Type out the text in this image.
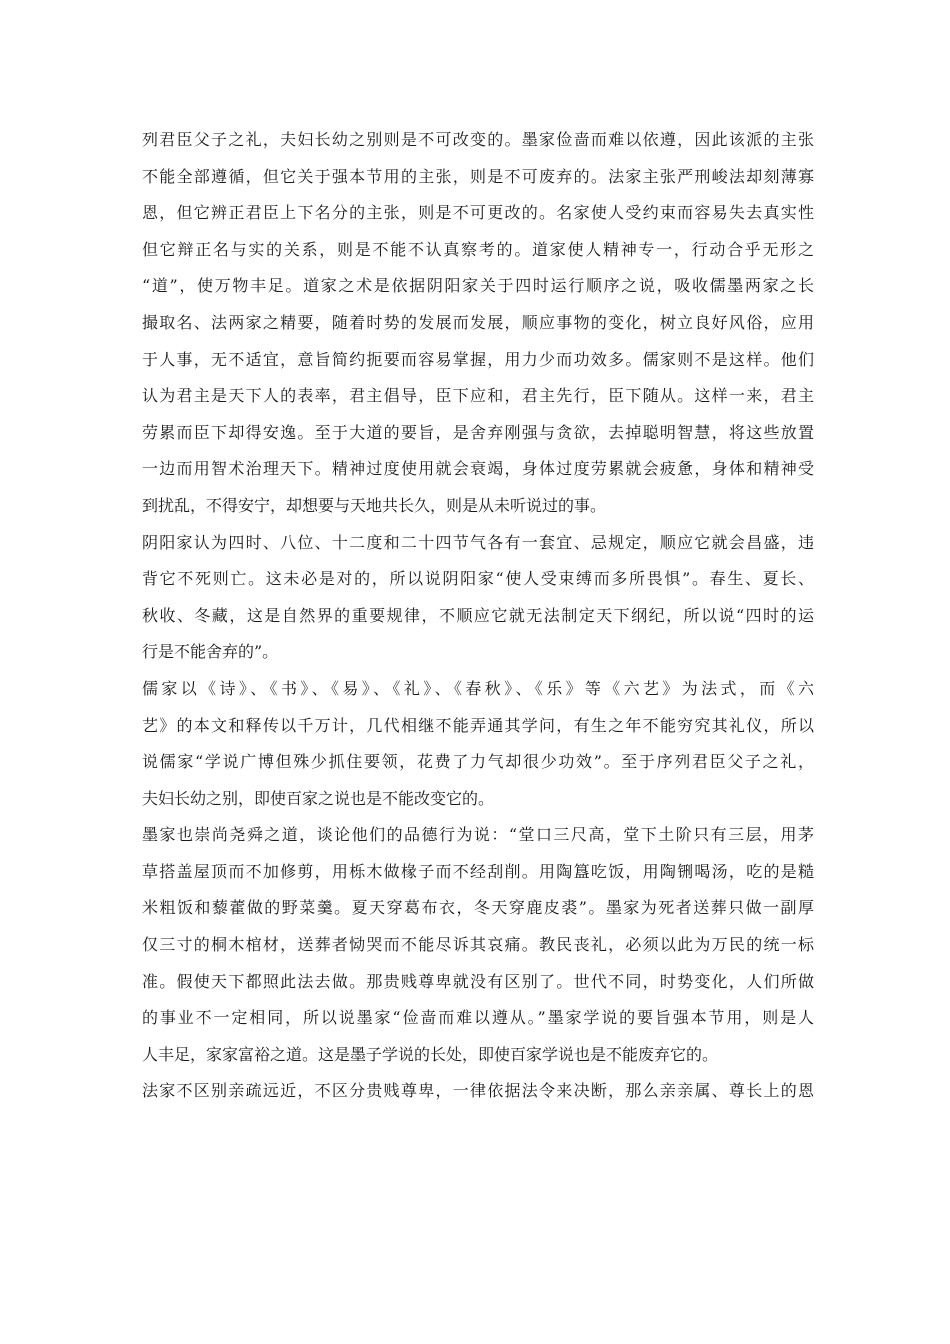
列君臣父子之礼，夫妇长幼之别则是不可改变的。墨家俭啬而难以依遵，因此该派的主张
不能全部遵循，但它关于强本节用的主张，则是不可废弃的。法家主张严刑峻法却刻薄寡
恩，但它辨正君臣上下名分的主张，则是不可更改的。名家使人受约束而容易失去真实性
但它辩正名与实的关系，则是不能不认真察考的。道家使人精神专一，行动合乎无形之
“道”，使万物丰足。道家之术是依据阴阳家关于四时运行顺序之说，吸收儒墨两家之长
撮取名、法两家之精要，随着时势的发展而发展，顺应事物的变化，树立良好风俗，应用
于人事，无不适宜，意旨简约扼要而容易掌握，用力少而功效多。儒家则不是这样。他们
认为君主是天下人的表率，君主倡导，臣下应和，君主先行，臣下随从。这样一来，君主
劳累而臣下却得安逸。至于大道的要旨，是舍弃刚强与贪欲，去掉聪明智慧，将这些放置
一边而用智术治理天下。精神过度使用就会衰竭，身体过度劳累就会疲惫，身体和精神受
到扰乱，不得安宁，却想要与天地共长久，则是从未听说过的事。
阴阳家认为四时、八位、十二度和二十四节气各有一套宜、忌规定，顺应它就会昌盛，违
背它不死则亡。这未必是对的，所以说阴阳家“使人受束缚而多所畏惧”。春生、夏长、
秋收、冬藏，这是自然界的重要规律，不顺应它就无法制定天下纲纪，所以说“四时的运
行是不能舍弃的”。
儒家以《诗》、《书》、《易》、《礼》、《春秋》、《乐》等《六艺》为法式，而《六
艺》的本文和释传以千万计，几代相继不能弄通其学问，有生之年不能穷究其礼仪，所以
说儒家“学说广博但殊少抓住要领，花费了力气却很少功效”。至于序列君臣父子之礼，
夫妇长幼之别，即使百家之说也是不能改变它的。
墨家也崇尚尧舜之道，谈论他们的品德行为说：“堂口三尺高，堂下土阶只有三层，用茅
草搭盖屋顶而不加修剪，用栎木做椽子而不经刮削。用陶簋吃饭，用陶铏喝汤，吃的是糙
米粗饭和藜藿做的野菜羹。夏天穿葛布衣，冬天穿鹿皮裘”。墨家为死者送葬只做一副厚
仅三寸的桐木棺材，送葬者恸哭而不能尽诉其哀痛。教民丧礼，必须以此为万民的统一标
准。假使天下都照此法去做。那贵贱尊卑就没有区别了。世代不同，时势变化，人们所做
的事业不一定相同，所以说墨家“俭啬而难以遵从。”墨家学说的要旨强本节用，则是人
人丰足，家家富裕之道。这是墨子学说的长处，即使百家学说也是不能废弃它的。
法家不区别亲疏远近，不区分贵贱尊卑，一律依据法令来决断，那么亲亲属、尊长上的恩
